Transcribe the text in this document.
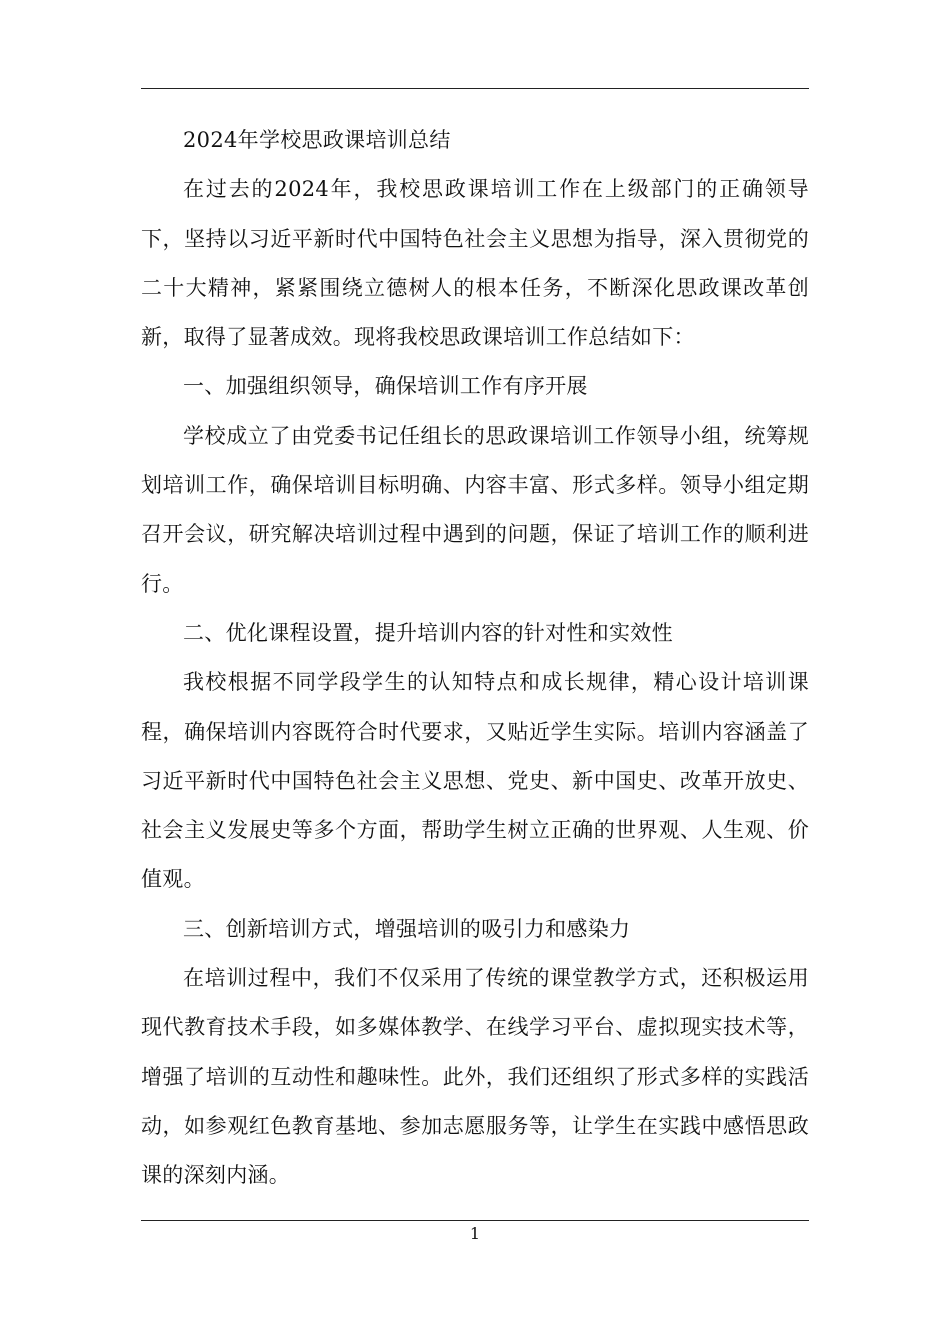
2024年学校思政课培训总结

在过去的2024年，我校思政课培训工作在上级部门的正确领导下，坚持以习近平新时代中国特色社会主义思想为指导，深入贯彻党的二十大精神，紧紧围绕立德树人的根本任务，不断深化思政课改革创新，取得了显著成效。现将我校思政课培训工作总结如下：

一、加强组织领导，确保培训工作有序开展

学校成立了由党委书记任组长的思政课培训工作领导小组，统筹规划培训工作，确保培训目标明确、内容丰富、形式多样。领导小组定期召开会议，研究解决培训过程中遇到的问题，保证了培训工作的顺利进行。

二、优化课程设置，提升培训内容的针对性和实效性

我校根据不同学段学生的认知特点和成长规律，精心设计培训课程，确保培训内容既符合时代要求，又贴近学生实际。培训内容涵盖了习近平新时代中国特色社会主义思想、党史、新中国史、改革开放史、社会主义发展史等多个方面，帮助学生树立正确的世界观、人生观、价值观。

三、创新培训方式，增强培训的吸引力和感染力

在培训过程中，我们不仅采用了传统的课堂教学方式，还积极运用现代教育技术手段，如多媒体教学、在线学习平台、虚拟现实技术等，增强了培训的互动性和趣味性。此外，我们还组织了形式多样的实践活动，如参观红色教育基地、参加志愿服务等，让学生在实践中感悟思政课的深刻内涵。

1
